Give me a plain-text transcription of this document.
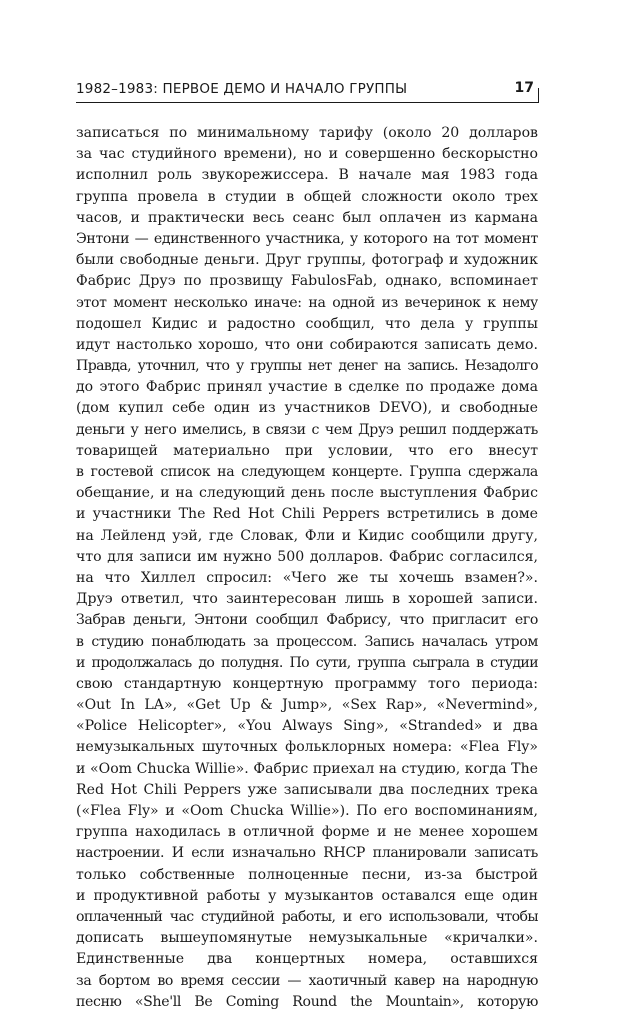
1982–1983: ПЕРВОЕ ДЕМО И НАЧАЛО ГРУППЫ	17
записаться по минимальному тарифу (около 20 долларов
за час студийного времени), но и совершенно бескорыстно
исполнил роль звукорежиссера. В начале мая 1983 года
группа провела в студии в общей сложности около трех
часов, и практически весь сеанс был оплачен из кармана
Энтони — единственного участника, у которого на тот момент
были свободные деньги. Друг группы, фотограф и художник
Фабрис Друэ по прозвищу FabulosFab, однако, вспоминает
этот момент несколько иначе: на одной из вечеринок к нему
подошел Кидис и радостно сообщил, что дела у группы
идут настолько хорошо, что они собираются записать демо.
Правда, уточнил, что у группы нет денег на запись. Незадолго
до этого Фабрис принял участие в сделке по продаже дома
(дом купил себе один из участников DEVO), и свободные
деньги у него имелись, в связи с чем Друэ решил поддержать
товарищей материально при условии, что его внесут
в гостевой список на следующем концерте. Группа сдержала
обещание, и на следующий день после выступления Фабрис
и участники The Red Hot Chili Peppers встретились в доме
на Лейленд уэй, где Словак, Фли и Кидис сообщили другу,
что для записи им нужно 500 долларов. Фабрис согласился,
на что Хиллел спросил: «Чего же ты хочешь взамен?».
Друэ ответил, что заинтересован лишь в хорошей записи.
Забрав деньги, Энтони сообщил Фабрису, что пригласит его
в студию понаблюдать за процессом. Запись началась утром
и продолжалась до полудня. По сути, группа сыграла в студии
свою стандартную концертную программу того периода:
«Out In LA», «Get Up & Jump», «Sex Rap», «Nevermind»,
«Police Helicopter», «You Always Sing», «Stranded» и два
немузыкальных шуточных фольклорных номера: «Flea Fly»
и «Oom Chucka Willie». Фабрис приехал на студию, когда The
Red Hot Chili Peppers уже записывали два последних трека
(«Flea Fly» и «Oom Chucka Willie»). По его воспоминаниям,
группа находилась в отличной форме и не менее хорошем
настроении. И если изначально RHCP планировали записать
только собственные полноценные песни, из-за быстрой
и продуктивной работы у музыкантов оставался еще один
оплаченный час студийной работы, и его использовали, чтобы
дописать вышеупомянутые немузыкальные «кричалки».
Единственные два концертных номера, оставшихся
за бортом во время сессии — хаотичный кавер на народную
песню «She'll Be Coming Round the Mountain», которую
